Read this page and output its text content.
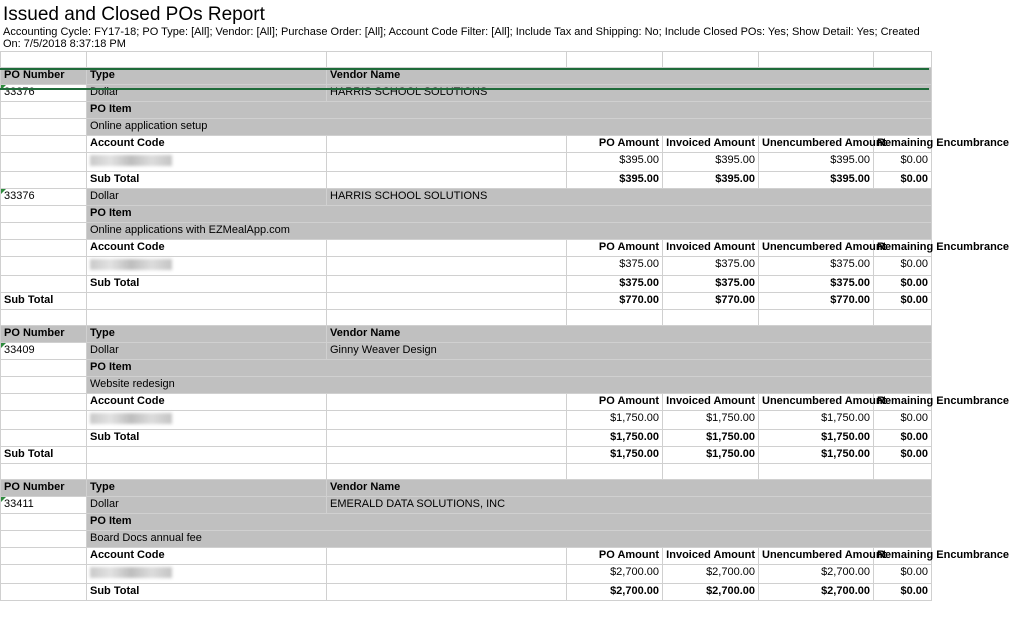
Issued and Closed POs Report
Accounting Cycle: FY17-18; PO Type: [All]; Vendor: [All]; Purchase Order: [All]; Account Code Filter: [All]; Include Tax and Shipping: No; Include Closed POs: Yes; Show Detail: Yes; Created On: 7/5/2018 8:37:18 PM

PO Number	Type	Vendor Name				
33376	Dollar	HARRIS SCHOOL SOLUTIONS				
	PO Item					
	Online application setup					
	Account Code		PO Amount	Invoiced Amount	Unencumbered Amount	Remaining Encumbrance

			$395.00	$395.00	$395.00	$0.00
	Sub Total		$395.00	$395.00	$395.00	$0.00
33376	Dollar	HARRIS SCHOOL SOLUTIONS				
	PO Item					
	Online applications with EZMealApp.com					
	Account Code		PO Amount	Invoiced Amount	Unencumbered Amount	Remaining Encumbrance

			$375.00	$375.00	$375.00	$0.00
	Sub Total		$375.00	$375.00	$375.00	$0.00
Sub Total			$770.00	$770.00	$770.00	$0.00

PO Number	Type	Vendor Name				
33409	Dollar	Ginny Weaver Design				
	PO Item					
	Website redesign					
	Account Code		PO Amount	Invoiced Amount	Unencumbered Amount	Remaining Encumbrance

			$1,750.00	$1,750.00	$1,750.00	$0.00
	Sub Total		$1,750.00	$1,750.00	$1,750.00	$0.00
Sub Total			$1,750.00	$1,750.00	$1,750.00	$0.00

PO Number	Type	Vendor Name				
33411	Dollar	EMERALD DATA SOLUTIONS, INC				
	PO Item					
	Board Docs annual fee					
	Account Code		PO Amount	Invoiced Amount	Unencumbered Amount	Remaining Encumbrance

			$2,700.00	$2,700.00	$2,700.00	$0.00
	Sub Total		$2,700.00	$2,700.00	$2,700.00	$0.00
